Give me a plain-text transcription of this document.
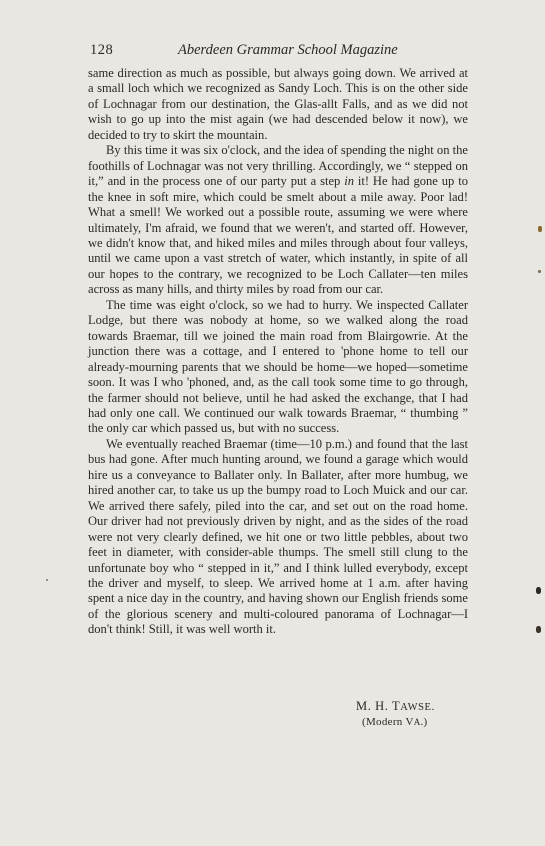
128	Aberdeen Grammar School Magazine

same direction as much as possible, but always going down. We arrived at a small loch which we recognized as Sandy Loch. This is on the other side of Lochnagar from our destination, the Glas-allt Falls, and as we did not wish to go up into the mist again (we had descended below it now), we decided to try to skirt the mountain.

By this time it was six o'clock, and the idea of spending the night on the foothills of Lochnagar was not very thrilling. Accordingly, we “ stepped on it,” and in the process one of our party put a step in it! He had gone up to the knee in soft mire, which could be smelt about a mile away. Poor lad! What a smell! We worked out a possible route, assuming we were where ultimately, I'm afraid, we found that we weren't, and started off. However, we didn't know that, and hiked miles and miles through about four valleys, until we came upon a vast stretch of water, which instantly, in spite of all our hopes to the contrary, we recognized to be Loch Callater—ten miles across as many hills, and thirty miles by road from our car.

The time was eight o'clock, so we had to hurry. We inspected Callater Lodge, but there was nobody at home, so we walked along the road towards Braemar, till we joined the main road from Blairgowrie. At the junction there was a cottage, and I entered to 'phone home to tell our already-mourning parents that we should be home—we hoped—sometime soon. It was I who 'phoned, and, as the call took some time to go through, the farmer should not believe, until he had asked the exchange, that I had had only one call. We continued our walk towards Braemar, “ thumbing ” the only car which passed us, but with no success.

We eventually reached Braemar (time—10 p.m.) and found that the last bus had gone. After much hunting around, we found a garage which would hire us a conveyance to Ballater only. In Ballater, after more humbug, we hired another car, to take us up the bumpy road to Loch Muick and our car. We arrived there safely, piled into the car, and set out on the road home. Our driver had not previously driven by night, and as the sides of the road were not very clearly defined, we hit one or two little pebbles, about two feet in diameter, with consider-able thumps. The smell still clung to the unfortunate boy who “ stepped in it,” and I think lulled everybody, except the driver and myself, to sleep. We arrived home at 1 a.m. after having spent a nice day in the country, and having shown our English friends some of the glorious scenery and multi-coloured panorama of Lochnagar—I don't think! Still, it was well worth it.

M. H. TAWSE.
(Modern VA.)
